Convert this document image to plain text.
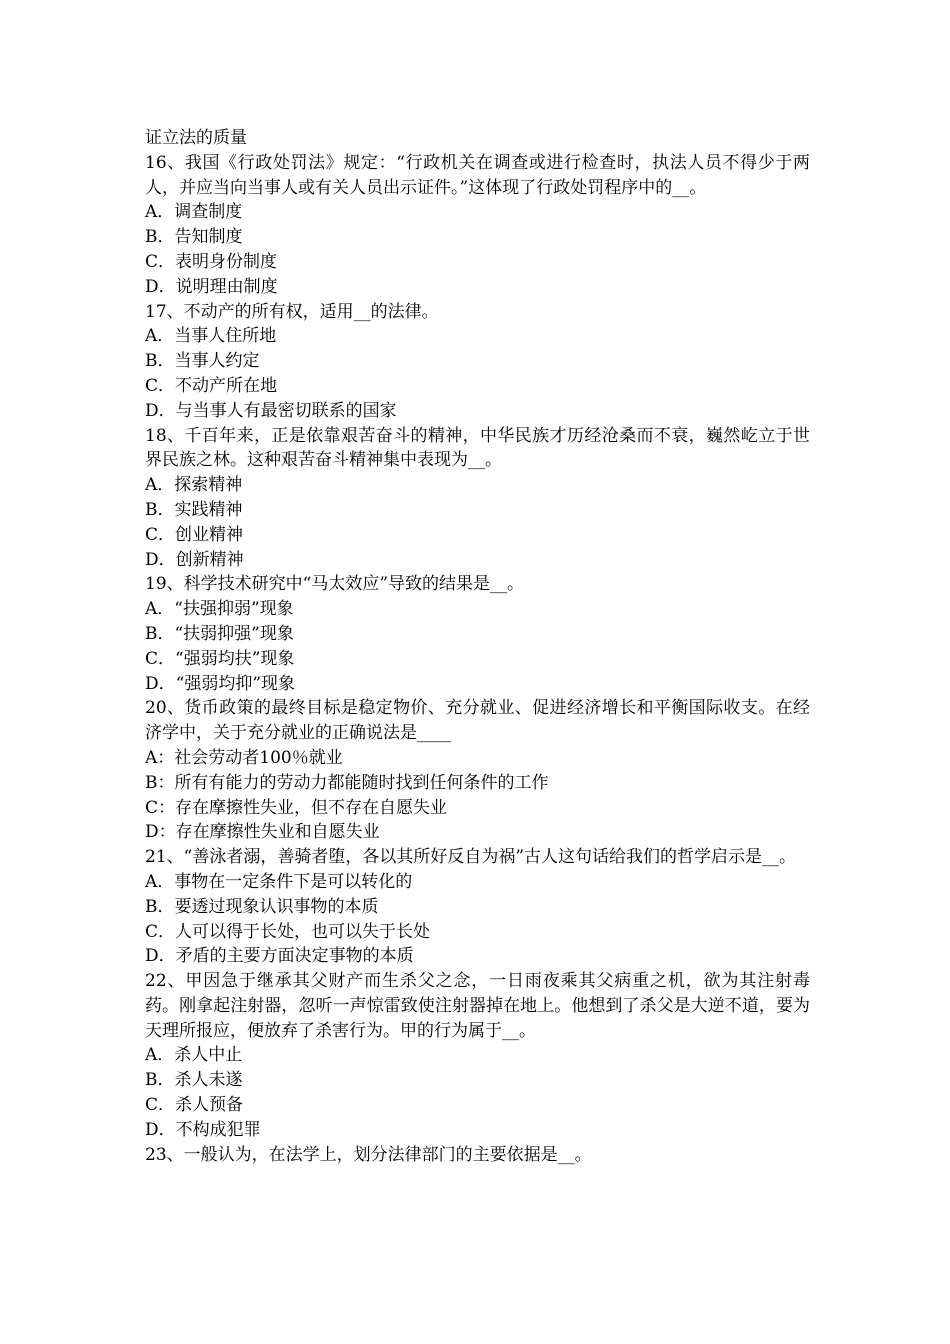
证立法的质量

16、我国《行政处罚法》规定：“行政机关在调查或进行检查时，执法人员不得少于两人，并应当向当事人或有关人员出示证件。”这体现了行政处罚程序中的__。

A．调查制度

B．告知制度

C．表明身份制度

D．说明理由制度

17、不动产的所有权，适用__的法律。

A．当事人住所地

B．当事人约定

C．不动产所在地

D．与当事人有最密切联系的国家

18、千百年来，正是依靠艰苦奋斗的精神，中华民族才历经沧桑而不衰，巍然屹立于世界民族之林。这种艰苦奋斗精神集中表现为__。

A．探索精神

B．实践精神

C．创业精神

D．创新精神

19、科学技术研究中“马太效应”导致的结果是__。

A．“扶强抑弱”现象

B．“扶弱抑强”现象

C．“强弱均扶”现象

D．“强弱均抑”现象

20、货币政策的最终目标是稳定物价、充分就业、促进经济增长和平衡国际收支。在经济学中，关于充分就业的正确说法是____

A：社会劳动者100％就业

B：所有有能力的劳动力都能随时找到任何条件的工作

C：存在摩擦性失业，但不存在自愿失业

D：存在摩擦性失业和自愿失业

21、“善泳者溺，善骑者堕，各以其所好反自为祸”古人这句话给我们的哲学启示是__。

A．事物在一定条件下是可以转化的

B．要透过现象认识事物的本质

C．人可以得于长处，也可以失于长处

D．矛盾的主要方面决定事物的本质

22、甲因急于继承其父财产而生杀父之念，一日雨夜乘其父病重之机，欲为其注射毒药。刚拿起注射器，忽听一声惊雷致使注射器掉在地上。他想到了杀父是大逆不道，要为天理所报应，便放弃了杀害行为。甲的行为属于__。

A．杀人中止

B．杀人未遂

C．杀人预备

D．不构成犯罪

23、一般认为，在法学上，划分法律部门的主要依据是__。
